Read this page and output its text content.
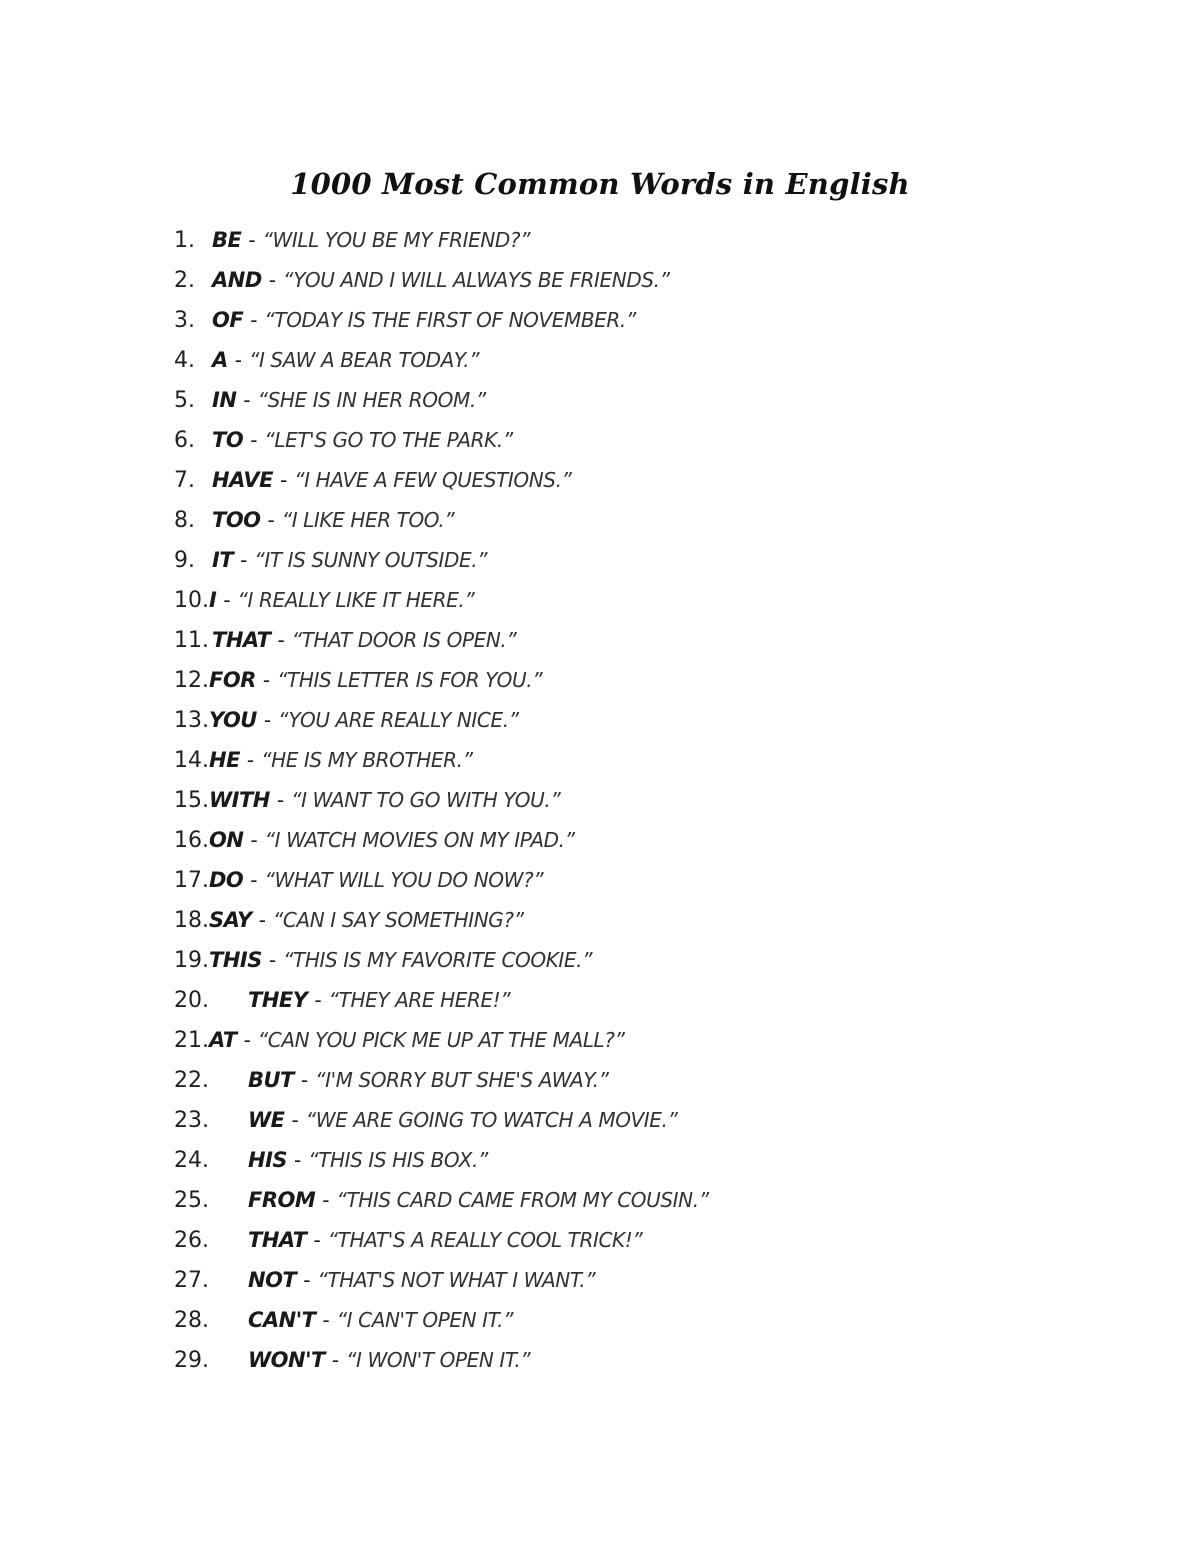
1000 Most Common Words in English
1. BE - “WILL YOU BE MY FRIEND?”
2. AND - “YOU AND I WILL ALWAYS BE FRIENDS.”
3. OF - “TODAY IS THE FIRST OF NOVEMBER.”
4. A - “I SAW A BEAR TODAY.”
5. IN - “SHE IS IN HER ROOM.”
6. TO - “LET'S GO TO THE PARK.”
7. HAVE - “I HAVE A FEW QUESTIONS.”
8. TOO - “I LIKE HER TOO.”
9. IT - “IT IS SUNNY OUTSIDE.”
10. I - “I REALLY LIKE IT HERE.”
11. THAT - “THAT DOOR IS OPEN.”
12. FOR - “THIS LETTER IS FOR YOU.”
13. YOU - “YOU ARE REALLY NICE.”
14. HE - “HE IS MY BROTHER.”
15. WITH - “I WANT TO GO WITH YOU.”
16. ON - “I WATCH MOVIES ON MY IPAD.”
17. DO - “WHAT WILL YOU DO NOW?”
18. SAY - “CAN I SAY SOMETHING?”
19. THIS - “THIS IS MY FAVORITE COOKIE.”
20.	THEY - “THEY ARE HERE!”
21. AT - “CAN YOU PICK ME UP AT THE MALL?”
22.	BUT - “I'M SORRY BUT SHE'S AWAY.”
23.	WE - “WE ARE GOING TO WATCH A MOVIE.”
24.	HIS - “THIS IS HIS BOX.”
25.	FROM - “THIS CARD CAME FROM MY COUSIN.”
26.	THAT - “THAT'S A REALLY COOL TRICK!”
27.	NOT - “THAT'S NOT WHAT I WANT.”
28.	CAN'T - “I CAN'T OPEN IT.”
29.	WON'T - “I WON'T OPEN IT.”
